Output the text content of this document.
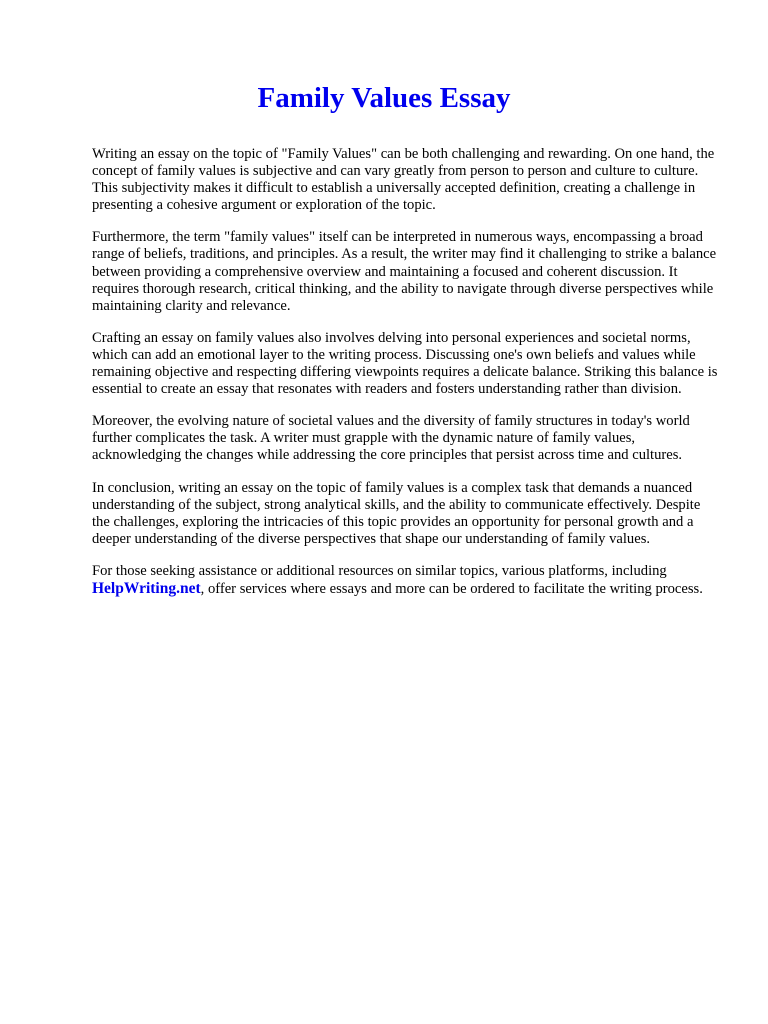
Family Values Essay

Writing an essay on the topic of "Family Values" can be both challenging and rewarding. On one hand, the concept of family values is subjective and can vary greatly from person to person and culture to culture. This subjectivity makes it difficult to establish a universally accepted definition, creating a challenge in presenting a cohesive argument or exploration of the topic.

Furthermore, the term "family values" itself can be interpreted in numerous ways, encompassing a broad range of beliefs, traditions, and principles. As a result, the writer may find it challenging to strike a balance between providing a comprehensive overview and maintaining a focused and coherent discussion. It requires thorough research, critical thinking, and the ability to navigate through diverse perspectives while maintaining clarity and relevance.

Crafting an essay on family values also involves delving into personal experiences and societal norms, which can add an emotional layer to the writing process. Discussing one's own beliefs and values while remaining objective and respecting differing viewpoints requires a delicate balance. Striking this balance is essential to create an essay that resonates with readers and fosters understanding rather than division.

Moreover, the evolving nature of societal values and the diversity of family structures in today's world further complicates the task. A writer must grapple with the dynamic nature of family values, acknowledging the changes while addressing the core principles that persist across time and cultures.

In conclusion, writing an essay on the topic of family values is a complex task that demands a nuanced understanding of the subject, strong analytical skills, and the ability to communicate effectively. Despite the challenges, exploring the intricacies of this topic provides an opportunity for personal growth and a deeper understanding of the diverse perspectives that shape our understanding of family values.

For those seeking assistance or additional resources on similar topics, various platforms, including HelpWriting.net, offer services where essays and more can be ordered to facilitate the writing process.
